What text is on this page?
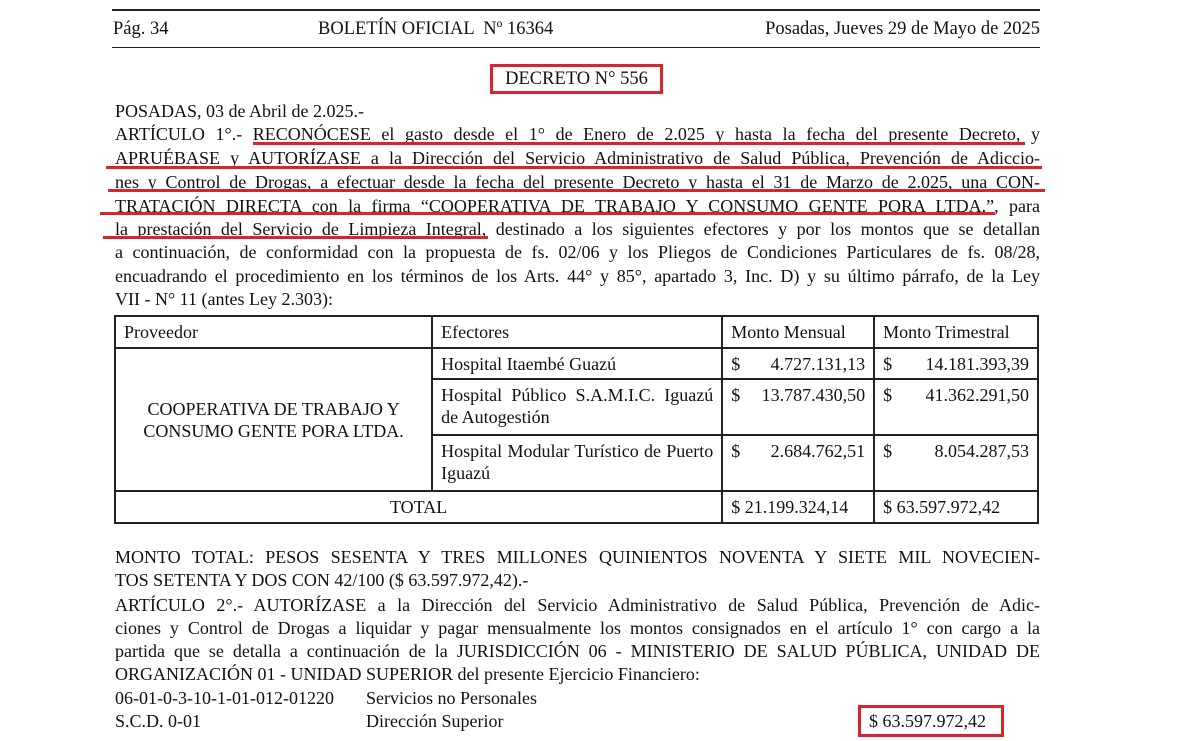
Pág. 34	BOLETÍN OFICIAL  Nº 16364	Posadas, Jueves 29 de Mayo de 2025
DECRETO N° 556
POSADAS, 03 de Abril de 2.025.-
ARTÍCULO 1°.- RECONÓCESE el gasto desde el 1° de Enero de 2.025 y hasta la fecha del presente Decreto, y
APRUÉBASE y AUTORÍZASE a la Dirección del Servicio Administrativo de Salud Pública, Prevención de Adiccio-
nes y Control de Drogas, a efectuar desde la fecha del presente Decreto y hasta el 31 de Marzo de 2.025, una CON-
TRATACIÓN DIRECTA con la firma “COOPERATIVA DE TRABAJO Y CONSUMO GENTE PORA LTDA.”, para
la prestación del Servicio de Limpieza Integral, destinado a los siguientes efectores y por los montos que se detallan
a continuación, de conformidad con la propuesta de fs. 02/06 y los Pliegos de Condiciones Particulares de fs. 08/28,
encuadrando el procedimiento en los términos de los Arts. 44° y 85°, apartado 3, Inc. D) y su último párrafo, de la Ley
VII - N° 11 (antes Ley 2.303):
Proveedor	Efectores	Monto Mensual	Monto Trimestral
COOPERATIVA DE TRABAJO Y CONSUMO GENTE PORA LTDA.	Hospital Itaembé Guazú	$ 4.727.131,13	$ 14.181.393,39

	Hospital Público S.A.M.I.C. Iguazú de Autogestión	$ 13.787.430,50	$ 41.362.291,50

	Hospital Modular Turístico de Puerto Iguazú	$ 2.684.762,51	$ 8.054.287,53

TOTAL		$ 21.199.324,14	$ 63.597.972,42
MONTO TOTAL: PESOS SESENTA Y TRES MILLONES QUINIENTOS NOVENTA Y SIETE MIL NOVECIEN-
TOS SETENTA Y DOS CON 42/100 ($ 63.597.972,42).-
ARTÍCULO 2°.- AUTORÍZASE a la Dirección del Servicio Administrativo de Salud Pública, Prevención de Adic-
ciones y Control de Drogas a liquidar y pagar mensualmente los montos consignados en el artículo 1° con cargo a la
partida que se detalla a continuación de la JURISDICCIÓN 06 - MINISTERIO DE SALUD PÚBLICA, UNIDAD DE
ORGANIZACIÓN 01 - UNIDAD SUPERIOR del presente Ejercicio Financiero:
06-01-0-3-10-1-01-012-01220	Servicios no Personales
S.C.D. 0-01	Dirección Superior	$ 63.597.972,42
